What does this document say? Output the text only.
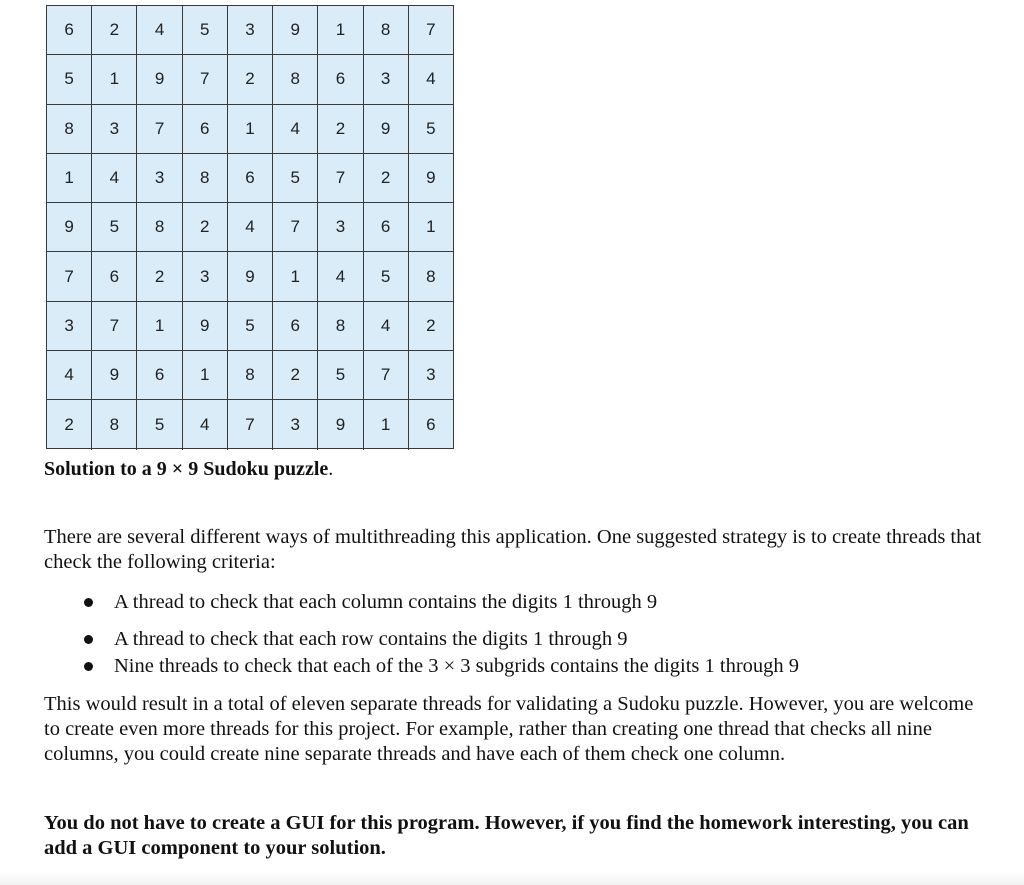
6	2	4	5	3	9	1	8	7
5	1	9	7	2	8	6	3	4
8	3	7	6	1	4	2	9	5
1	4	3	8	6	5	7	2	9
9	5	8	2	4	7	3	6	1
7	6	2	3	9	1	4	5	8
3	7	1	9	5	6	8	4	2
4	9	6	1	8	2	5	7	3
2	8	5	4	7	3	9	1	6

Solution to a 9 × 9 Sudoku puzzle.

There are several different ways of multithreading this application. One suggested strategy is to create threads that check the following criteria:

A thread to check that each column contains the digits 1 through 9
A thread to check that each row contains the digits 1 through 9
Nine threads to check that each of the 3 × 3 subgrids contains the digits 1 through 9

This would result in a total of eleven separate threads for validating a Sudoku puzzle. However, you are welcome to create even more threads for this project. For example, rather than creating one thread that checks all nine columns, you could create nine separate threads and have each of them check one column.

You do not have to create a GUI for this program. However, if you find the homework interesting, you can add a GUI component to your solution.
